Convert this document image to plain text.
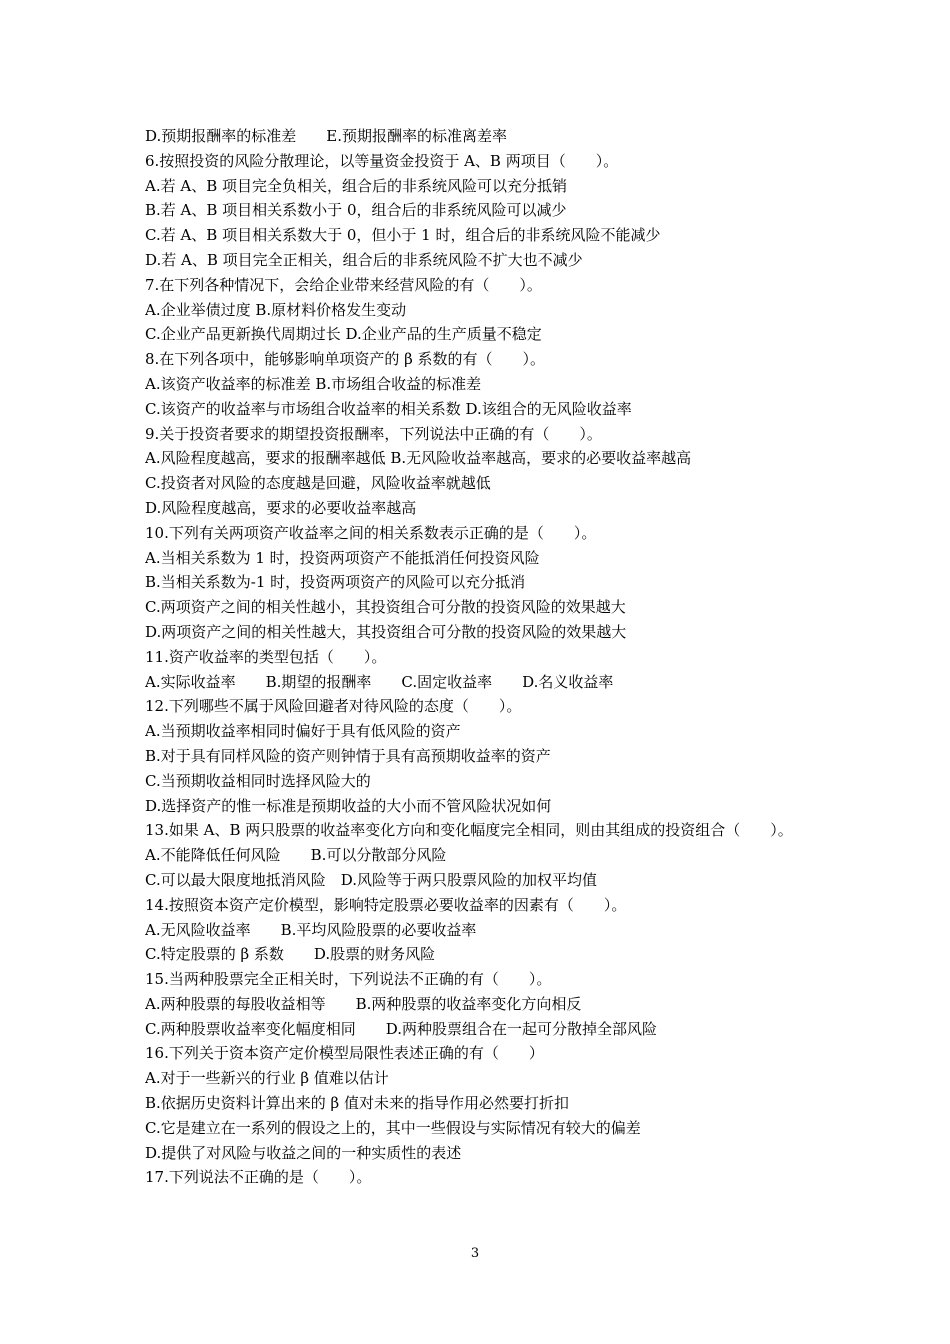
D.预期报酬率的标准差　　E.预期报酬率的标准离差率
6.按照投资的风险分散理论，以等量资金投资于 A、B 两项目（　　）。
A.若 A、B 项目完全负相关，组合后的非系统风险可以充分抵销
B.若 A、B 项目相关系数小于 0，组合后的非系统风险可以减少
C.若 A、B 项目相关系数大于 0，但小于 1 时，组合后的非系统风险不能减少
D.若 A、B 项目完全正相关，组合后的非系统风险不扩大也不减少
7.在下列各种情况下，会给企业带来经营风险的有（　　）。
A.企业举债过度 B.原材料价格发生变动
C.企业产品更新换代周期过长 D.企业产品的生产质量不稳定
8.在下列各项中，能够影响单项资产的 β 系数的有（　　）。
A.该资产收益率的标准差 B.市场组合收益的标准差
C.该资产的收益率与市场组合收益率的相关系数 D.该组合的无风险收益率
9.关于投资者要求的期望投资报酬率，下列说法中正确的有（　　）。
A.风险程度越高，要求的报酬率越低 B.无风险收益率越高，要求的必要收益率越高
C.投资者对风险的态度越是回避，风险收益率就越低
D.风险程度越高，要求的必要收益率越高
10.下列有关两项资产收益率之间的相关系数表示正确的是（　　）。
A.当相关系数为 1 时，投资两项资产不能抵消任何投资风险
B.当相关系数为-1 时，投资两项资产的风险可以充分抵消
C.两项资产之间的相关性越小，其投资组合可分散的投资风险的效果越大
D.两项资产之间的相关性越大，其投资组合可分散的投资风险的效果越大
11.资产收益率的类型包括（　　）。
A.实际收益率　　B.期望的报酬率　　C.固定收益率　　D.名义收益率
12.下列哪些不属于风险回避者对待风险的态度（　　）。
A.当预期收益率相同时偏好于具有低风险的资产
B.对于具有同样风险的资产则钟情于具有高预期收益率的资产
C.当预期收益相同时选择风险大的
D.选择资产的惟一标准是预期收益的大小而不管风险状况如何
13.如果 A、B 两只股票的收益率变化方向和变化幅度完全相同，则由其组成的投资组合（　　）。
A.不能降低任何风险　　B.可以分散部分风险
C.可以最大限度地抵消风险　D.风险等于两只股票风险的加权平均值
14.按照资本资产定价模型，影响特定股票必要收益率的因素有（　　）。
A.无风险收益率　　B.平均风险股票的必要收益率
C.特定股票的 β 系数　　D.股票的财务风险
15.当两种股票完全正相关时，下列说法不正确的有（　　）。
A.两种股票的每股收益相等　　B.两种股票的收益率变化方向相反
C.两种股票收益率变化幅度相同　　D.两种股票组合在一起可分散掉全部风险
16.下列关于资本资产定价模型局限性表述正确的有（　　）
A.对于一些新兴的行业 β 值难以估计
B.依据历史资料计算出来的 β 值对未来的指导作用必然要打折扣
C.它是建立在一系列的假设之上的，其中一些假设与实际情况有较大的偏差
D.提供了对风险与收益之间的一种实质性的表述
17.下列说法不正确的是（　　）。
3
